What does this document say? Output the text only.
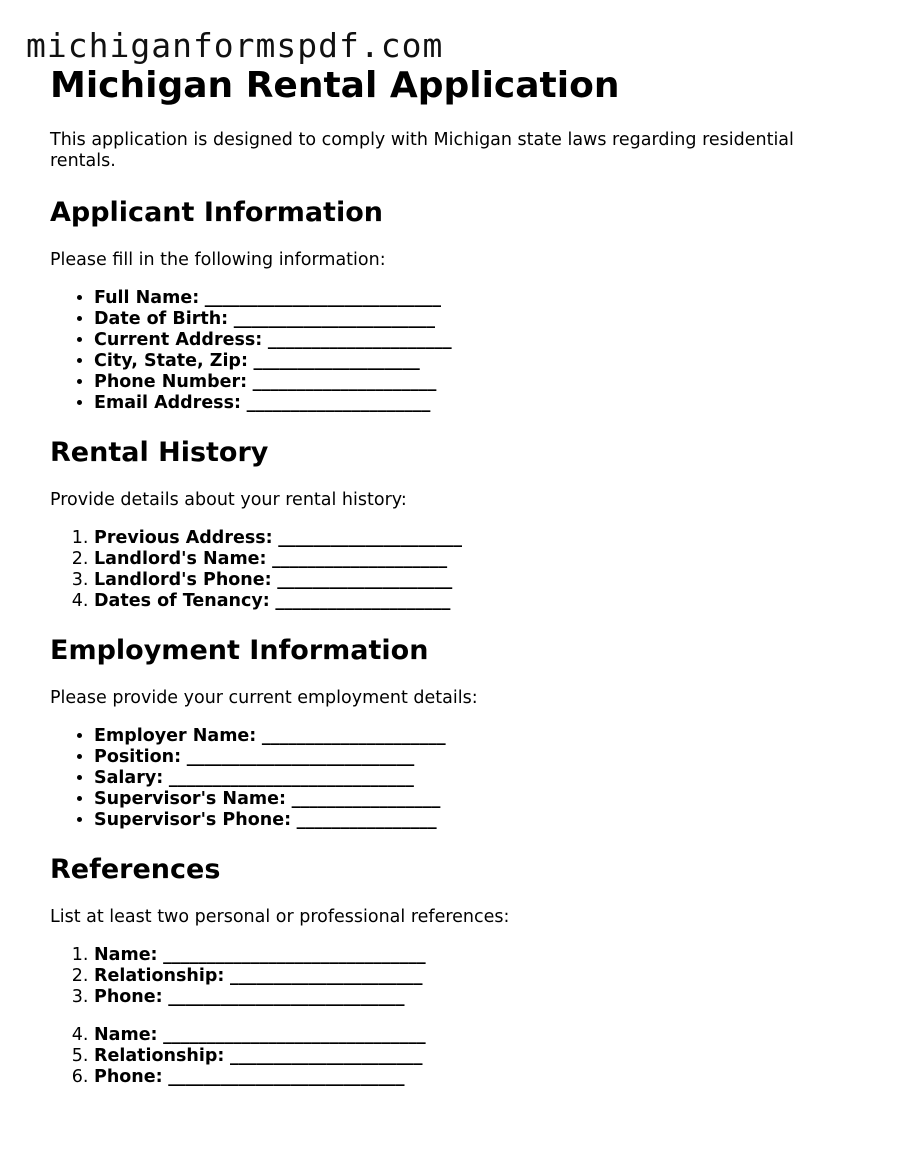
michiganformspdf.com
Michigan Rental Application

This application is designed to comply with Michigan state laws regarding residential rentals.

Applicant Information

Please fill in the following information:

• Full Name: ___________________________
• Date of Birth: _______________________
• Current Address: _____________________
• City, State, Zip: ___________________
• Phone Number: _____________________
• Email Address: _____________________
Rental History

Provide details about your rental history:

1. Previous Address: _____________________
2. Landlord's Name: ____________________
3. Landlord's Phone: ____________________
4. Dates of Tenancy: ____________________
Employment Information

Please provide your current employment details:

• Employer Name: _____________________
• Position: __________________________
• Salary: ____________________________
• Supervisor's Name: _________________
• Supervisor's Phone: ________________
References

List at least two personal or professional references:

1. Name: ______________________________
2. Relationship: ______________________
3. Phone: ___________________________
4. Name: ______________________________
5. Relationship: ______________________
6. Phone: ___________________________
